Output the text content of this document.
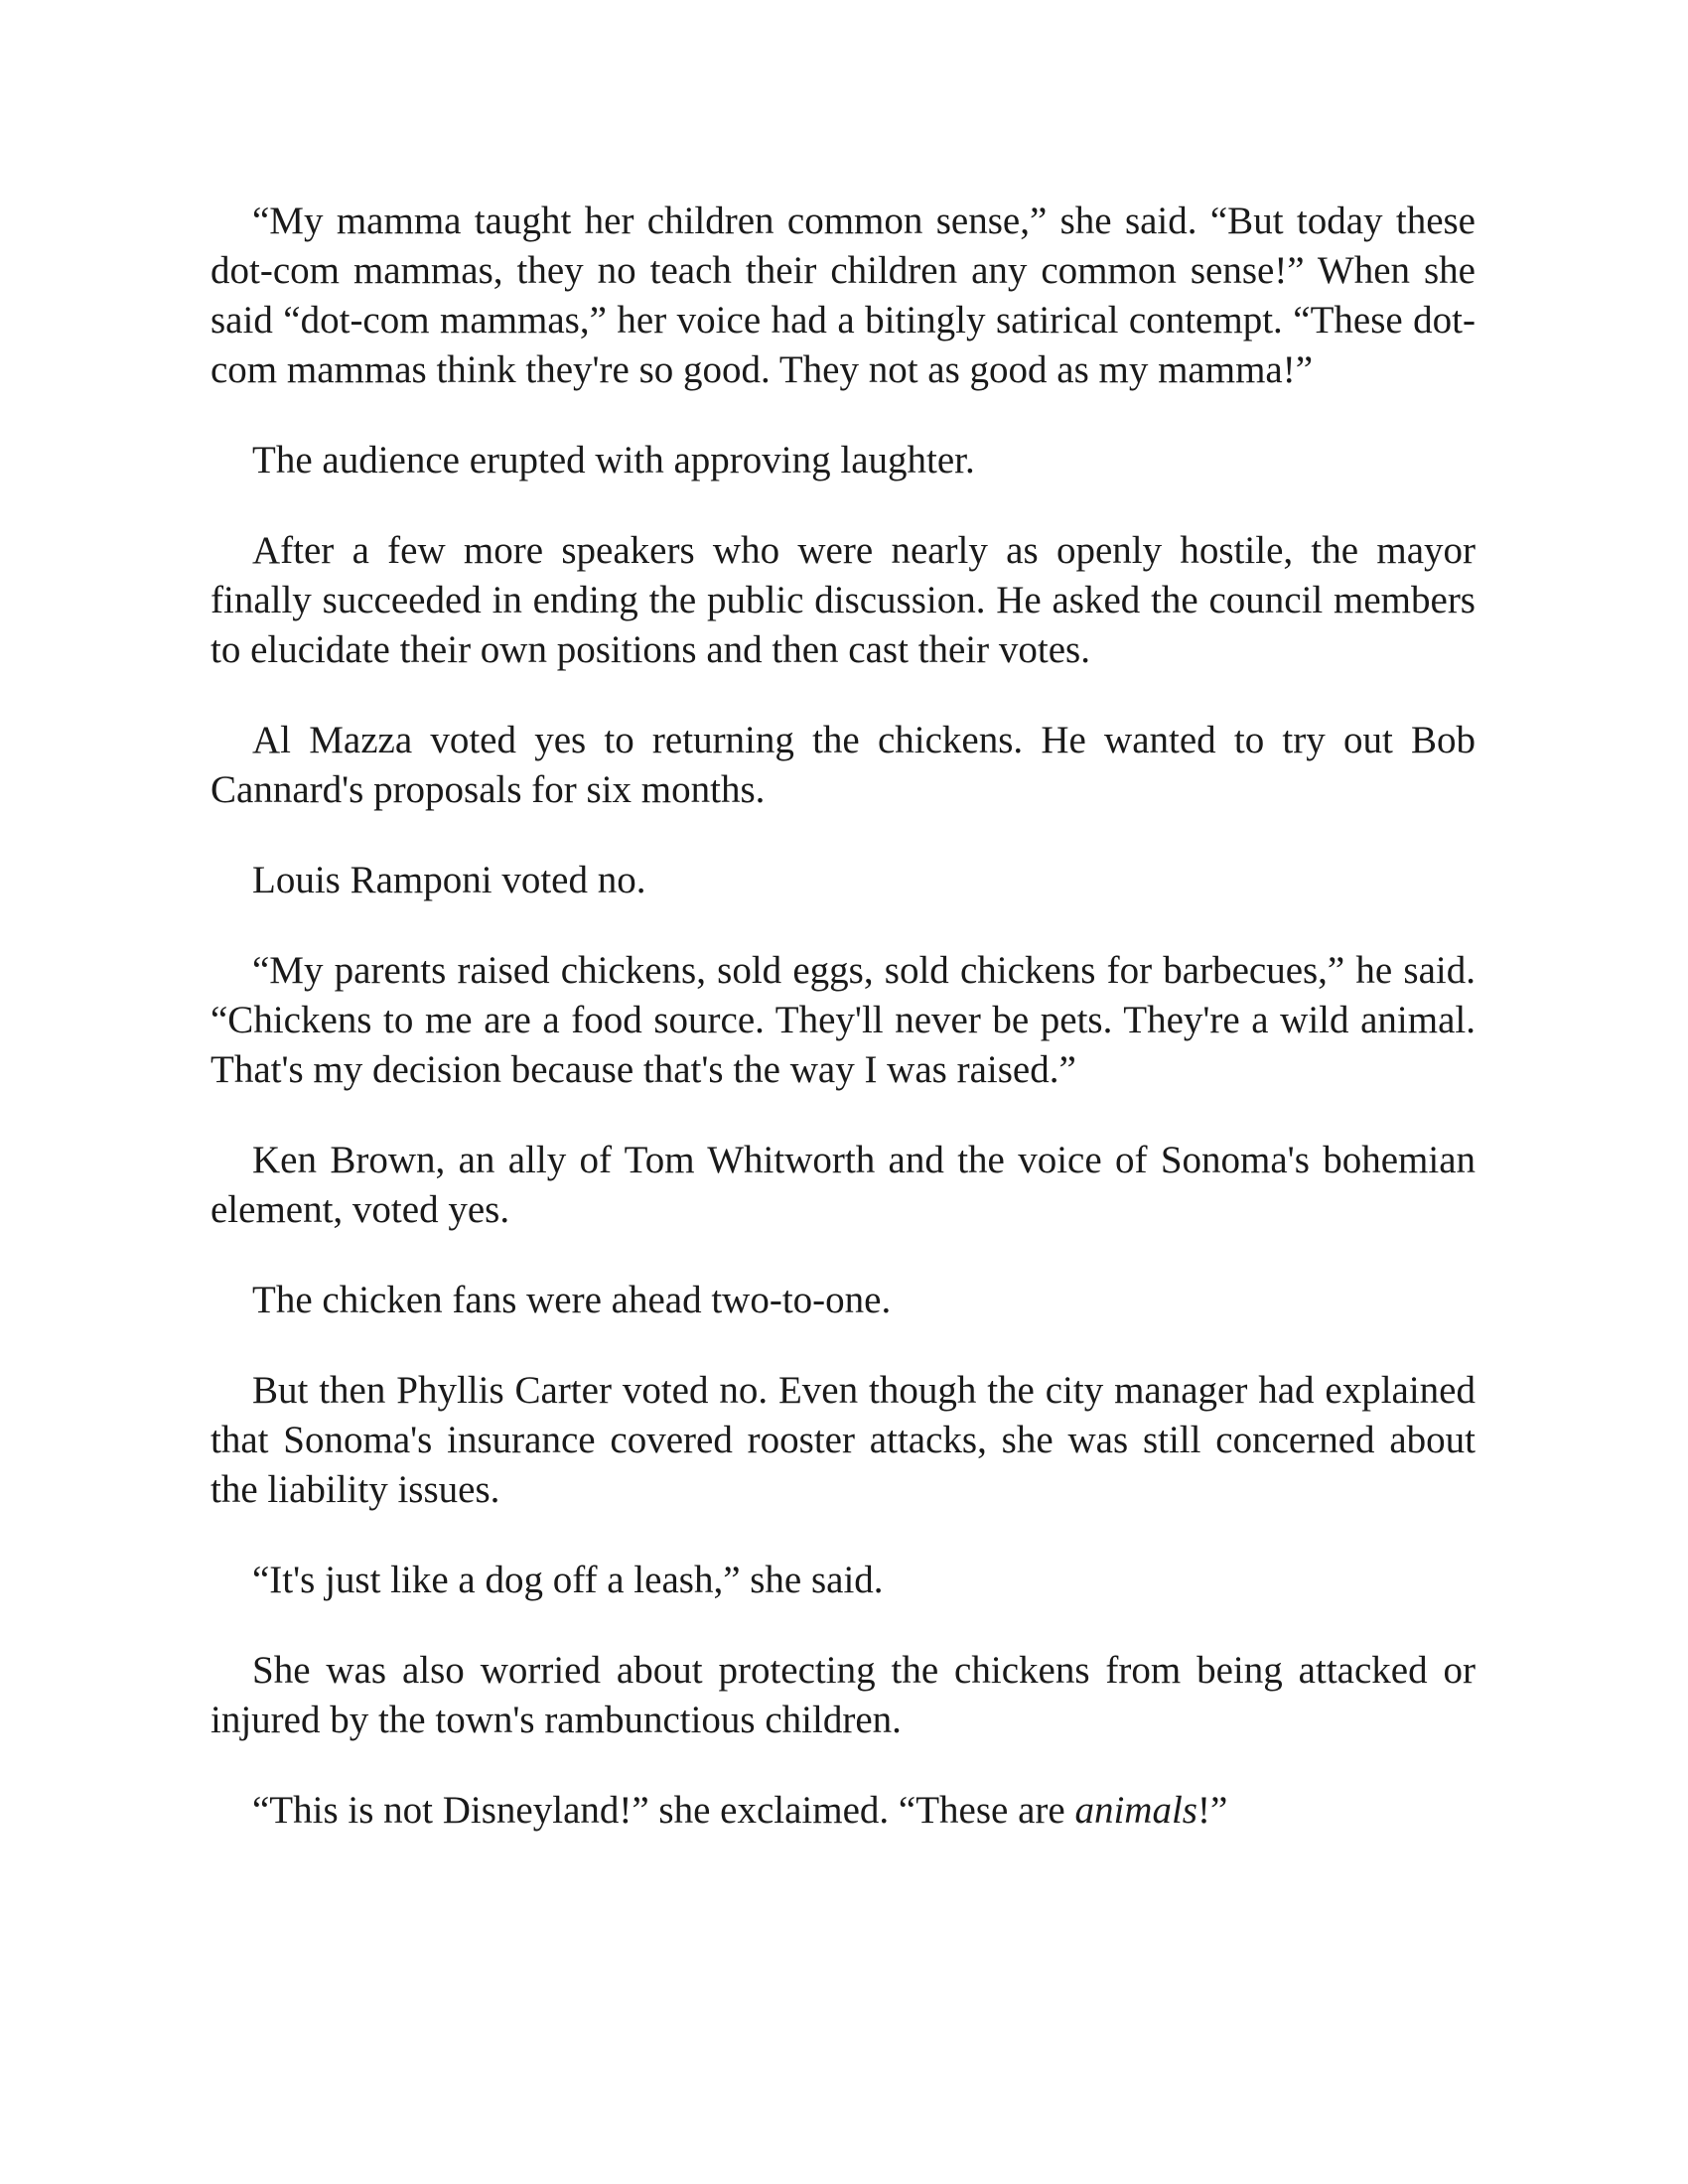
“My mamma taught her children common sense,” she said. “But today these dot-com mammas, they no teach their children any common sense!” When she said “dot-com mammas,” her voice had a bitingly satirical contempt. “These dot-com mammas think they're so good. They not as good as my mamma!”

The audience erupted with approving laughter.

After a few more speakers who were nearly as openly hostile, the mayor finally succeeded in ending the public discussion. He asked the council members to elucidate their own positions and then cast their votes.

Al Mazza voted yes to returning the chickens. He wanted to try out Bob Cannard's proposals for six months.

Louis Ramponi voted no.

“My parents raised chickens, sold eggs, sold chickens for barbecues,” he said. “Chickens to me are a food source. They'll never be pets. They're a wild animal. That's my decision because that's the way I was raised.”

Ken Brown, an ally of Tom Whitworth and the voice of Sonoma's bohemian element, voted yes.

The chicken fans were ahead two-to-one.

But then Phyllis Carter voted no. Even though the city manager had explained that Sonoma's insurance covered rooster attacks, she was still concerned about the liability issues.

“It's just like a dog off a leash,” she said.

She was also worried about protecting the chickens from being attacked or injured by the town's rambunctious children.

“This is not Disneyland!” she exclaimed. “These are animals!”
